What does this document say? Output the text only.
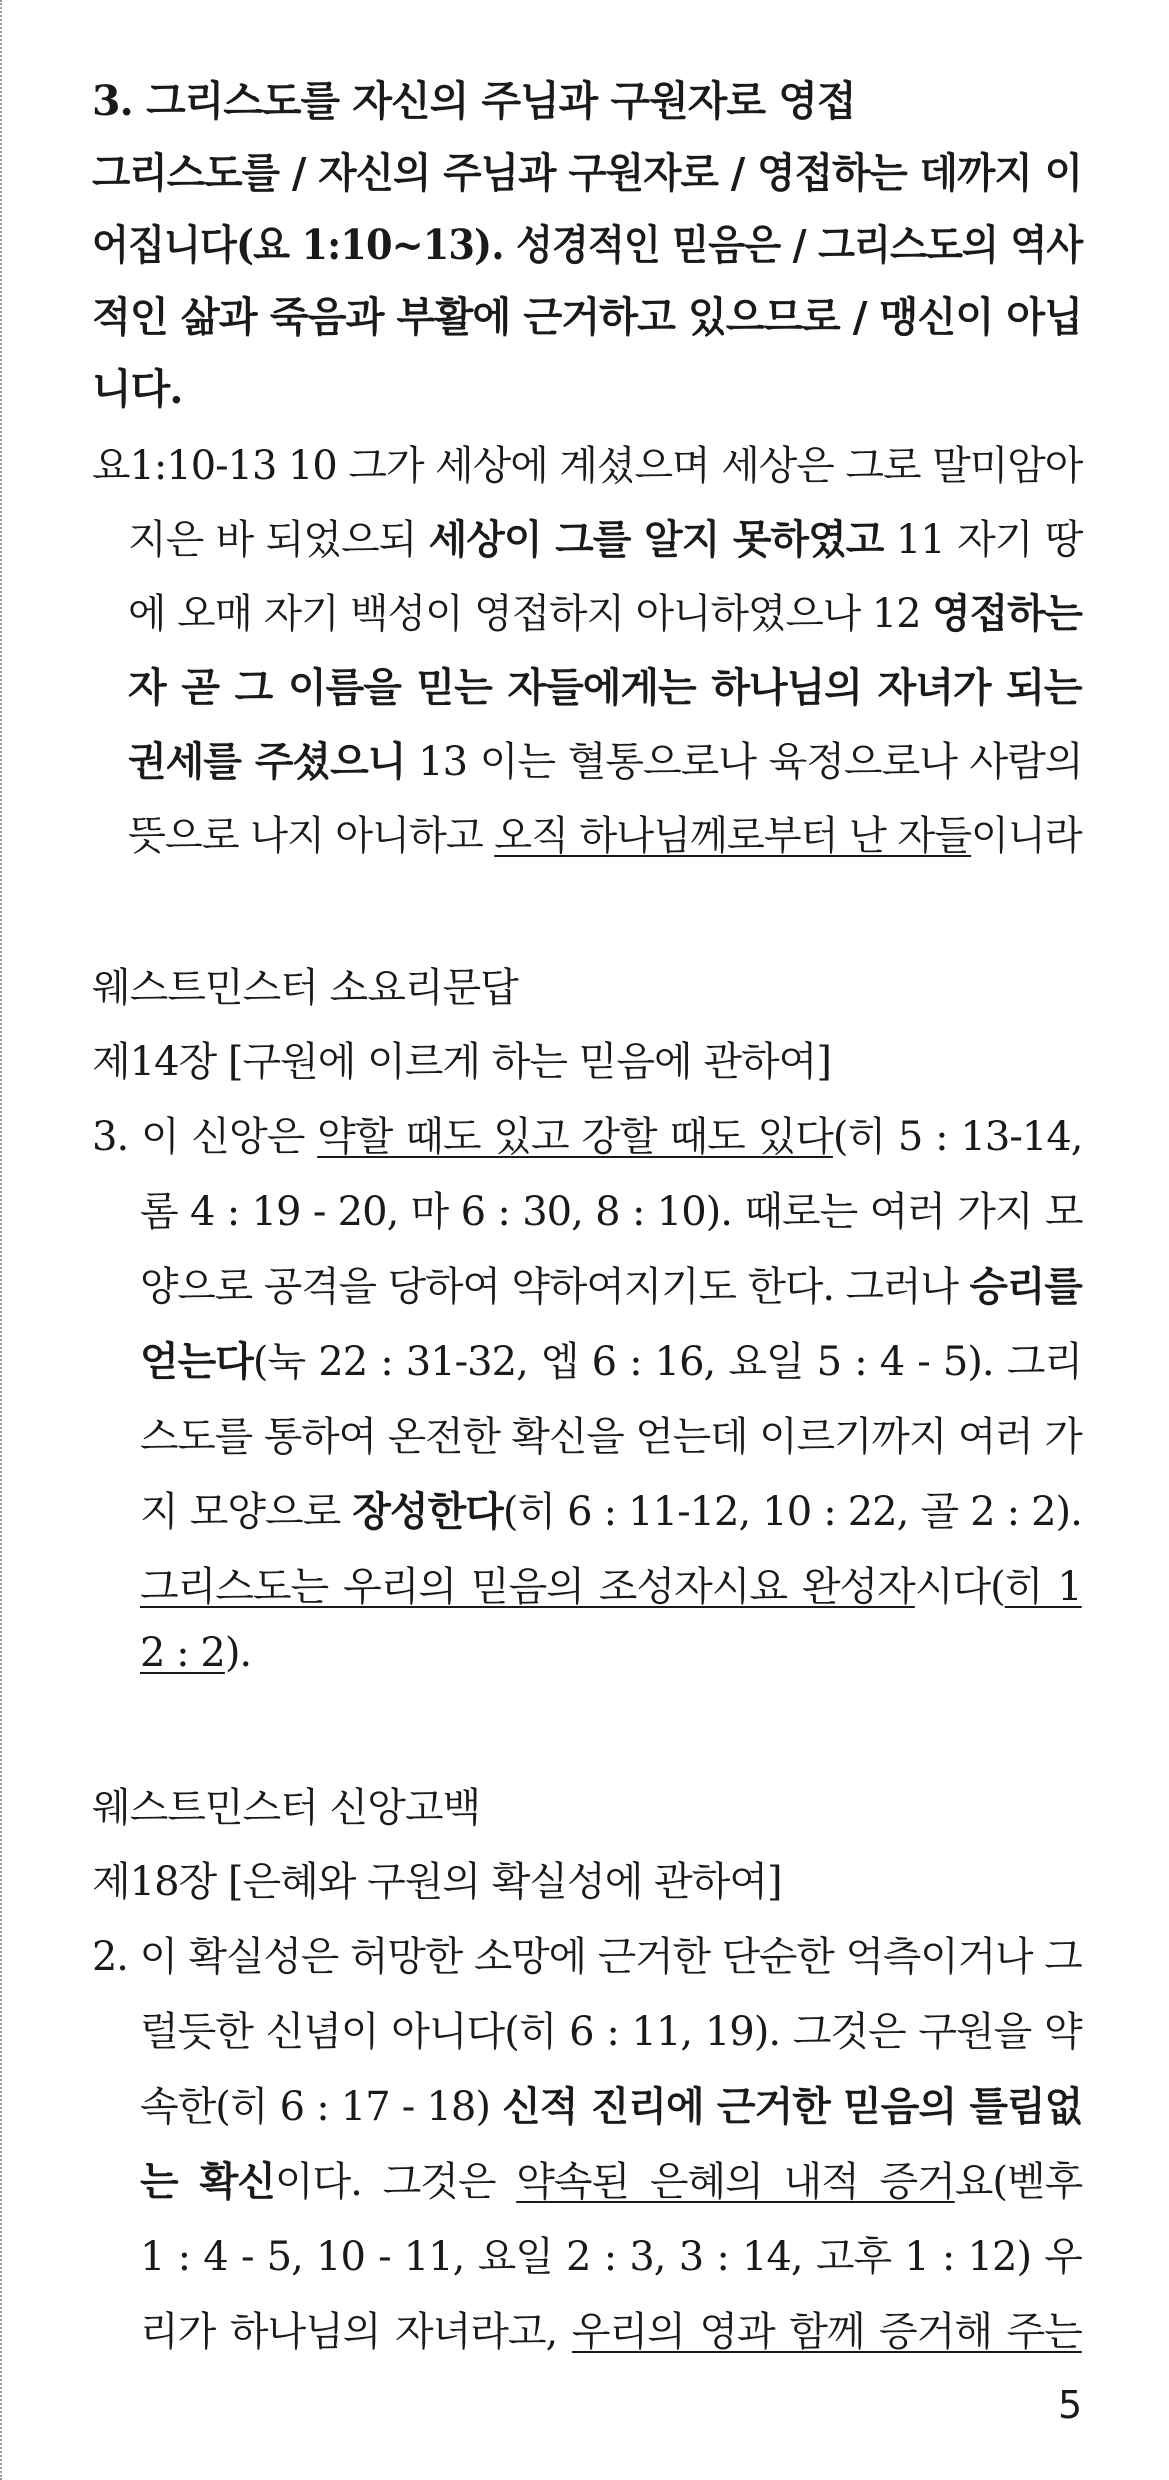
3. 그리스도를 자신의 주님과 구원자로 영접
그리스도를 / 자신의 주님과 구원자로 / 영접하는 데까지 이
어집니다(요 1:10~13). 성경적인 믿음은 / 그리스도의 역사
적인 삶과 죽음과 부활에 근거하고 있으므로 / 맹신이 아닙
니다.
요1:10-13 10 그가 세상에 계셨으며 세상은 그로 말미암아
지은 바 되었으되 세상이 그를 알지 못하였고 11 자기 땅
에 오매 자기 백성이 영접하지 아니하였으나 12 영접하는
자 곧 그 이름을 믿는 자들에게는 하나님의 자녀가 되는
권세를 주셨으니 13 이는 혈통으로나 육정으로나 사람의
뜻으로 나지 아니하고 오직 하나님께로부터 난 자들이니라
웨스트민스터 소요리문답
제14장 [구원에 이르게 하는 믿음에 관하여]
3. 이 신앙은 약할 때도 있고 강할 때도 있다(히 5 : 13-14,
롬 4 : 19 - 20, 마 6 : 30, 8 : 10). 때로는 여러 가지 모
양으로 공격을 당하여 약하여지기도 한다. 그러나 승리를
얻는다(눅 22 : 31-32, 엡 6 : 16, 요일 5 : 4 - 5). 그리
스도를 통하여 온전한 확신을 얻는데 이르기까지 여러 가
지 모양으로 장성한다(히 6 : 11-12, 10 : 22, 골 2 : 2).
그리스도는 우리의 믿음의 조성자시요 완성자시다(히 1
2 : 2).
웨스트민스터 신앙고백
제18장 [은혜와 구원의 확실성에 관하여]
2. 이 확실성은 허망한 소망에 근거한 단순한 억측이거나 그
럴듯한 신념이 아니다(히 6 : 11, 19). 그것은 구원을 약
속한(히 6 : 17 - 18) 신적 진리에 근거한 믿음의 틀림없
는 확신이다. 그것은 약속된 은혜의 내적 증거요(벧후
1 : 4 - 5, 10 - 11, 요일 2 : 3, 3 : 14, 고후 1 : 12) 우
리가 하나님의 자녀라고, 우리의 영과 함께 증거해 주는
5
